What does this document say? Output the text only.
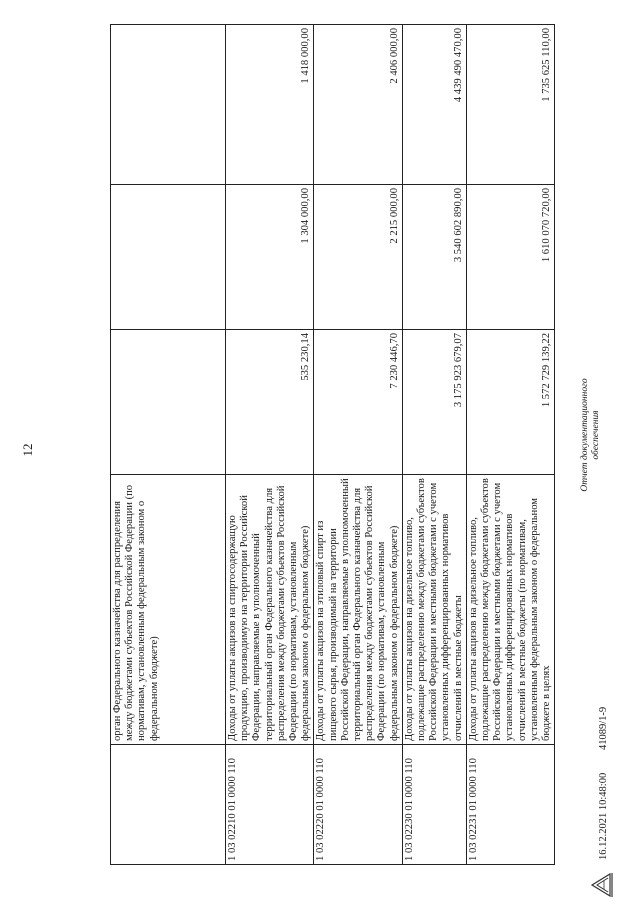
12
	орган Федерального казначейства для распределения между бюджетами субъектов Российской Федерации (по нормативам, установленным федеральным законом о федеральном бюджете)			
1 03 02210 01 0000 110	Доходы от уплаты акцизов на спиртосодержащую продукцию, производимую на территории Российской Федерации, направляемые в уполномоченный территориальный орган Федерального казначейства для распределения между бюджетами субъектов Российской Федерации (по нормативам, установленным федеральным законом о федеральном бюджете)	535 230,14	1 304 000,00	1 418 000,00
1 03 02220 01 0000 110	Доходы от уплаты акцизов на этиловый спирт из пищевого сырья, производимый на территории Российской Федерации, направляемые в уполномоченный территориальный орган Федерального казначейства для распределения между бюджетами субъектов Российской Федерации (по нормативам, установленным федеральным законом о федеральном бюджете)	7 230 446,70	2 215 000,00	2 406 000,00
1 03 02230 01 0000 110	Доходы от уплаты акцизов на дизельное топливо, подлежащие распределению между бюджетами субъектов Российской Федерации и местными бюджетами с учетом установленных дифференцированных нормативов отчислений в местные бюджеты	3 175 923 679,07	3 540 602 890,00	4 439 490 470,00
1 03 02231 01 0000 110	Доходы от уплаты акцизов на дизельное топливо, подлежащие распределению между бюджетами субъектов Российской Федерации и местными бюджетами с учетом установленных дифференцированных нормативов отчислений в местные бюджеты (по нормативам, установленным федеральным законом о федеральном бюджете в целях	1 572 729 139,22	1 610 070 720,00	1 735 625 110,00
16.12.2021 10:48:00
41089/1-9
Отчет документационного обеспечения
